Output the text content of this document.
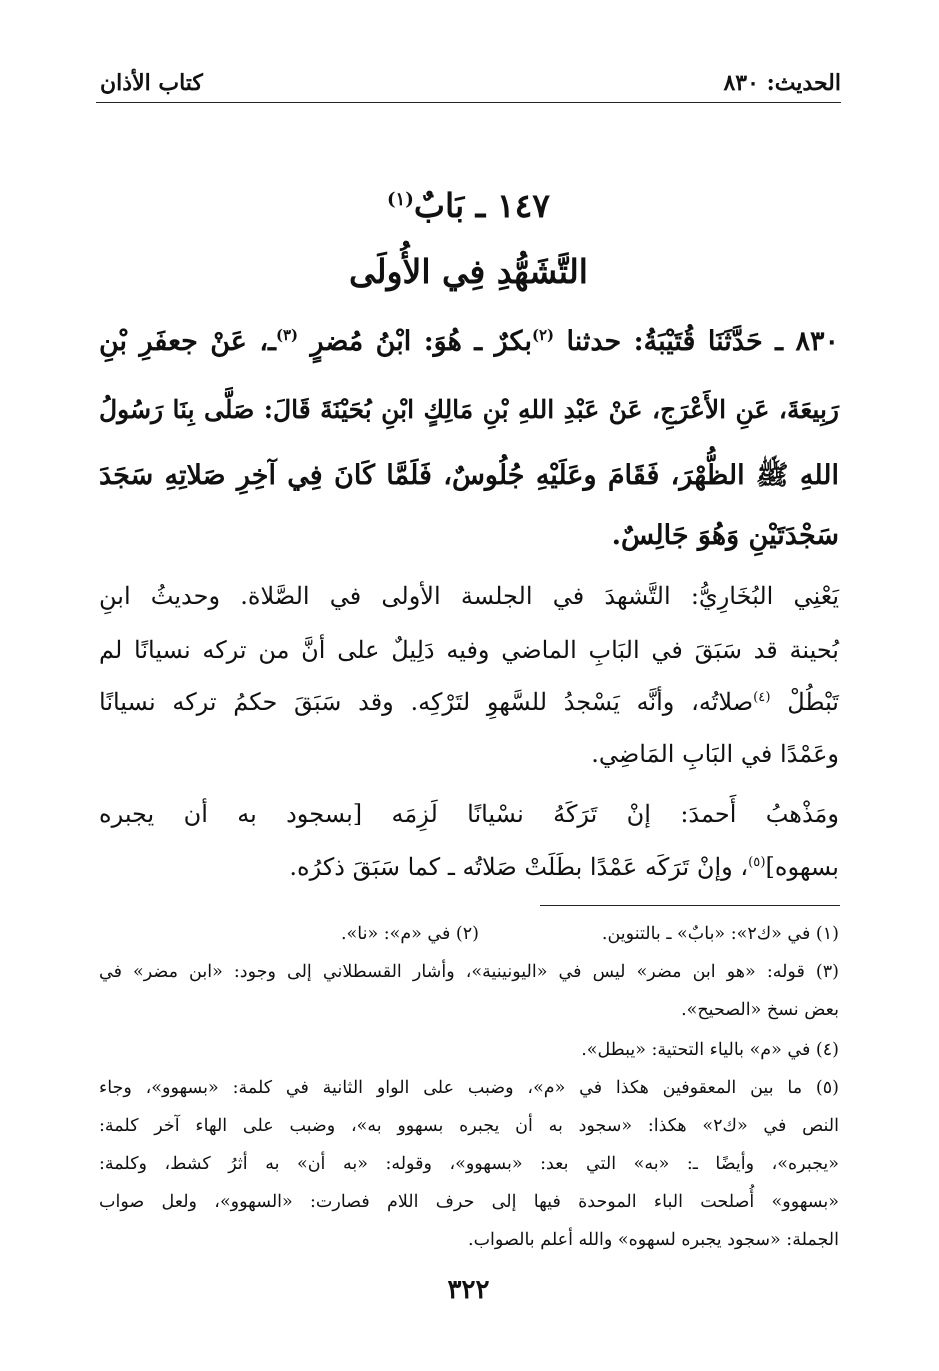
الحديث: ٨٣٠
كتاب الأذان
١٤٧ ـ بَابٌ$^{(١)}$
التَّشَهُّدِ فِي الأُولَى
٨٣٠ ـ حَدَّثَنَا قُتَيْبَةُ: حدثنا $^{(٢)}$بكرٌ ـ هُوَ: ابْنُ مُضرٍ $^{(٣)}$ـ، عَنْ جعفَرِ بْنِ
رَبِيعَةَ، عَنِ الأَعْرَجِ، عَنْ عَبْدِ اللهِ بْنِ مَالِكٍ ابْنِ بُحَيْنَةَ قَالَ: صَلَّى بِنَا رَسُولُ
اللهِ ﷺ الظُّهْرَ، فَقَامَ وعَلَيْهِ جُلُوسٌ، فَلَمَّا كَانَ فِي آخِرِ صَلاتِهِ سَجَدَ
سَجْدَتَيْنِ وَهُوَ جَالِسٌ.
يَعْنِي البُخَارِيُّ: التَّشهدَ في الجلسة الأولى في الصَّلاة. وحديثُ ابنِ
بُحينة قد سَبَقَ في البَابِ الماضي وفيه دَلِيلٌ على أنَّ من تركه نسيانًا لم
تَبْطُلْ $^{(٤)}$صلاتُه، وأنَّه يَسْجدُ للسَّهوِ لتَرْكِه. وقد سَبَقَ حكمُ تركه نسيانًا
وعَمْدًا في البَابِ المَاضِي.
ومَذْهبُ أَحمدَ: إنْ تَرَكَهُ نسْيانًا لَزِمَه [بسجود به أن يجبره
بسهوه]$^{(٥)}$، وإنْ تَرَكَه عَمْدًا بطَلَتْ صَلاتُه ـ كما سَبَقَ ذكرُه.
(١) في «ك٢»: «بابٌ» ـ بالتنوين.
(٢) في «م»: «نا».
(٣) قوله: «هو ابن مضر» ليس في «اليونينية»، وأشار القسطلاني إلى وجود: «ابن مضر» في
بعض نسخ «الصحيح».
(٤) في «م» بالياء التحتية: «يبطل».
(٥) ما بين المعقوفين هكذا في «م»، وضبب على الواو الثانية في كلمة: «بسهوو»، وجاء
النص في «ك٢» هكذا: «سجود به أن يجبره بسهوو به»، وضبب على الهاء آخر كلمة:
«يجبره»، وأيضًا ـ: «به» التي بعد: «بسهوو»، وقوله: «به أن» به أثرُ كشط، وكلمة:
«بسهوو» أُصلحت الباء الموحدة فيها إلى حرف اللام فصارت: «السهوو»، ولعل صواب
الجملة: «سجود يجبره لسهوه» والله أعلم بالصواب.
٣٢٢
